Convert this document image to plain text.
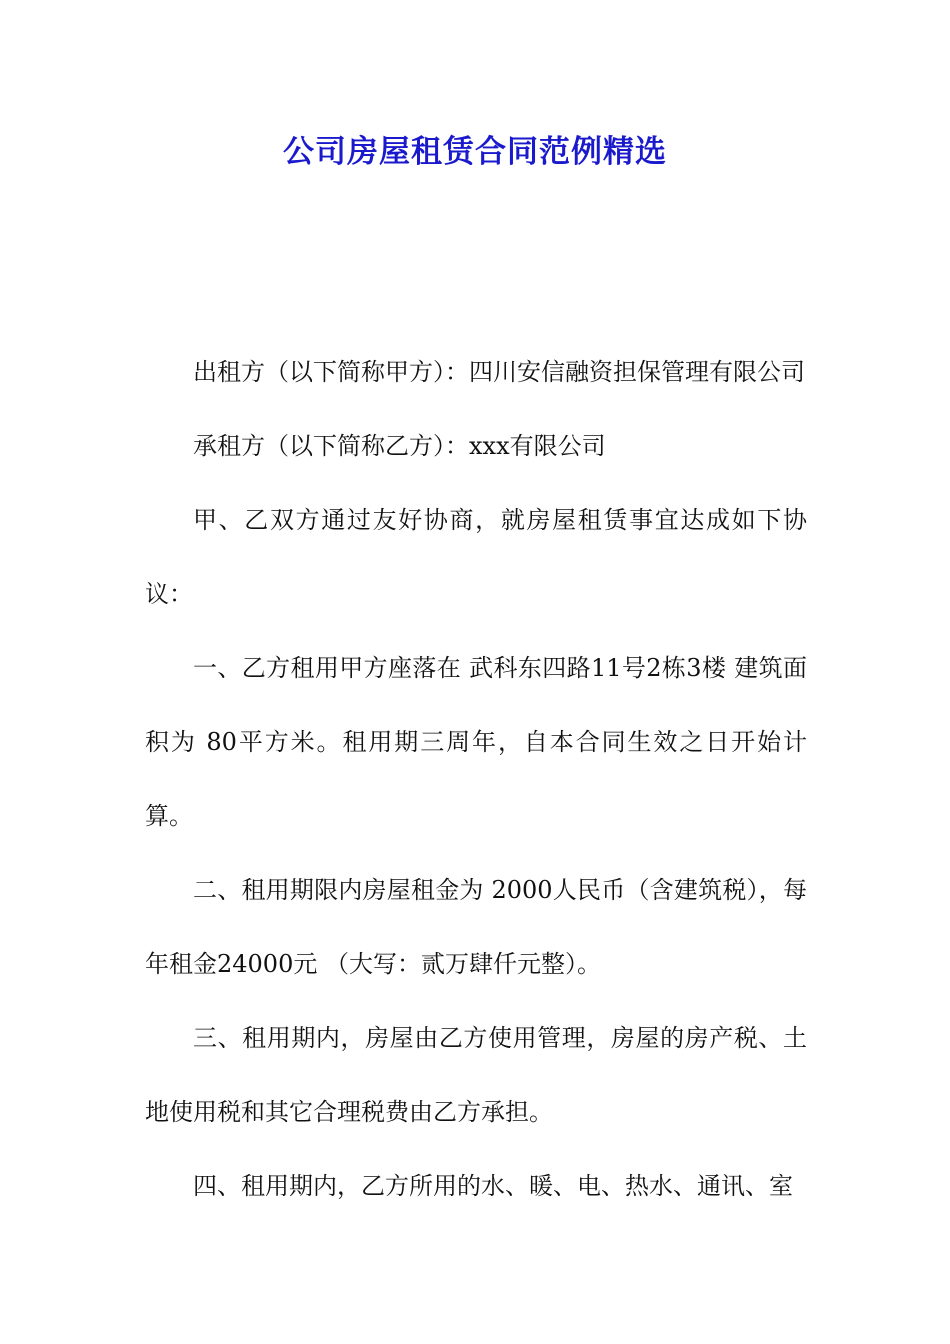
公司房屋租赁合同范例精选

出租方（以下简称甲方）：四川安信融资担保管理有限公司

承租方（以下简称乙方）：xxx有限公司

甲、乙双方通过友好协商，就房屋租赁事宜达成如下协议：

一、乙方租用甲方座落在 武科东四路11号2栋3楼 建筑面积为 80平方米。租用期三周年，自本合同生效之日开始计算。

二、租用期限内房屋租金为 2000人民币（含建筑税），每年租金24000元 （大写：贰万肆仟元整）。

三、租用期内，房屋由乙方使用管理，房屋的房产税、土地使用税和其它合理税费由乙方承担。

四、租用期内，乙方所用的水、暖、电、热水、通讯、室
